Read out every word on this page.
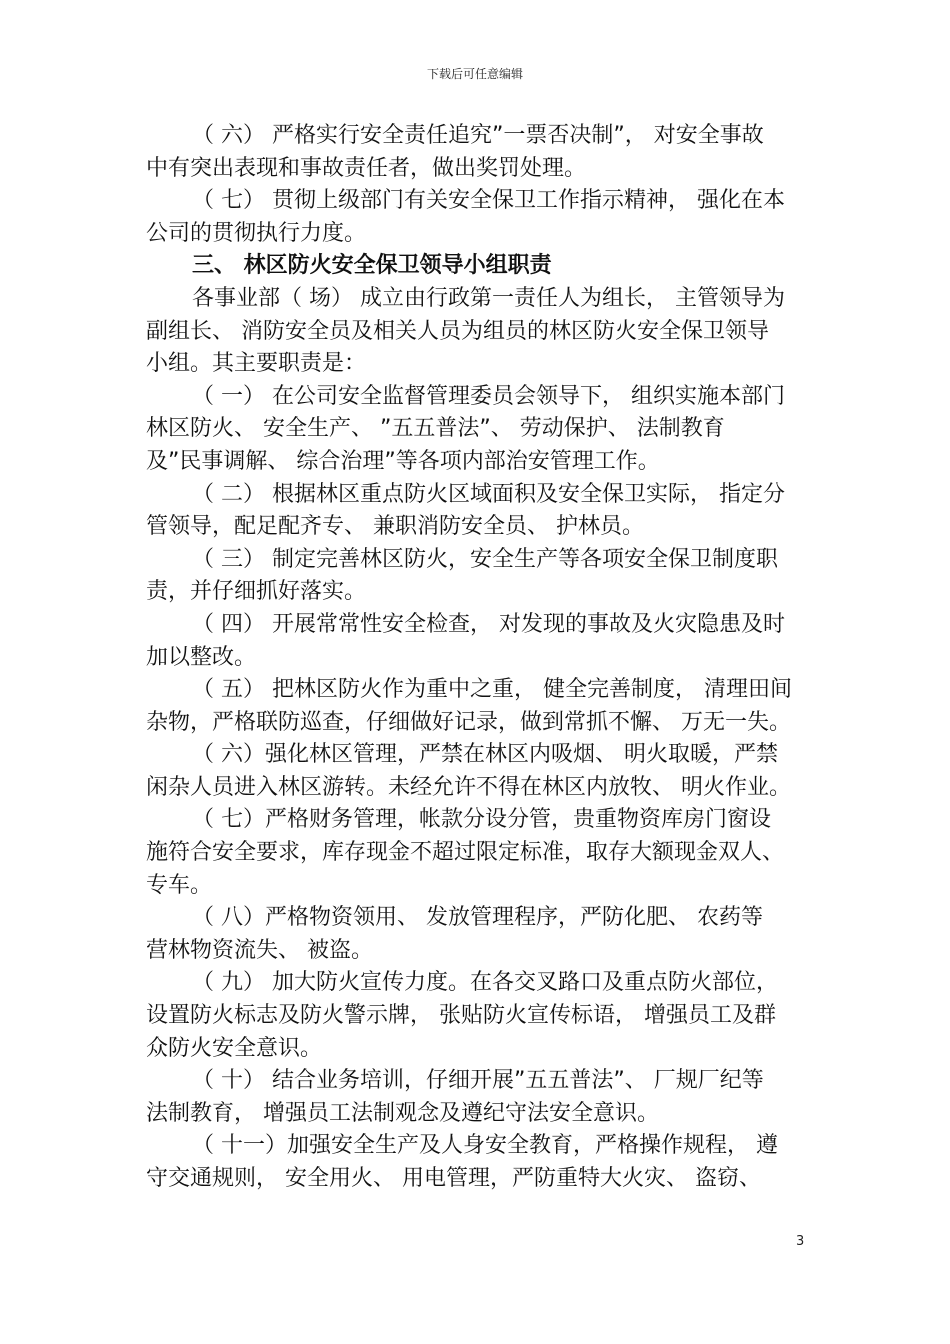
下载后可任意编辑
（ 六） 严格实行安全责任追究”一票否决制”， 对安全事故
中有突出表现和事故责任者，做出奖罚处理。
（ 七） 贯彻上级部门有关安全保卫工作指示精神， 强化在本
公司的贯彻执行力度。
三、 林区防火安全保卫领导小组职责
各事业部（ 场） 成立由行政第一责任人为组长， 主管领导为
副组长、 消防安全员及相关人员为组员的林区防火安全保卫领导
小组。其主要职责是：
（ 一） 在公司安全监督管理委员会领导下， 组织实施本部门
林区防火、 安全生产、 ”五五普法”、 劳动保护、 法制教育
及”民事调解、 综合治理”等各项内部治安管理工作。
（ 二） 根据林区重点防火区域面积及安全保卫实际， 指定分
管领导，配足配齐专、 兼职消防安全员、 护林员。
（ 三） 制定完善林区防火，安全生产等各项安全保卫制度职
责，并仔细抓好落实。
（ 四） 开展常常性安全检查， 对发现的事故及火灾隐患及时
加以整改。
（ 五） 把林区防火作为重中之重， 健全完善制度， 清理田间
杂物，严格联防巡查，仔细做好记录，做到常抓不懈、 万无一失。
（ 六）强化林区管理，严禁在林区内吸烟、 明火取暖，严禁
闲杂人员进入林区游转。未经允许不得在林区内放牧、 明火作业。
（ 七）严格财务管理，帐款分设分管，贵重物资库房门窗设
施符合安全要求，库存现金不超过限定标准，取存大额现金双人、
专车。
（ 八）严格物资领用、 发放管理程序，严防化肥、 农药等
营林物资流失、 被盗。
（ 九） 加大防火宣传力度。在各交叉路口及重点防火部位，
设置防火标志及防火警示牌， 张贴防火宣传标语， 增强员工及群
众防火安全意识。
（ 十） 结合业务培训，仔细开展”五五普法”、 厂规厂纪等
法制教育， 增强员工法制观念及遵纪守法安全意识。
（ 十一）加强安全生产及人身安全教育，严格操作规程， 遵
守交通规则， 安全用火、 用电管理，严防重特大火灾、 盗窃、
3
